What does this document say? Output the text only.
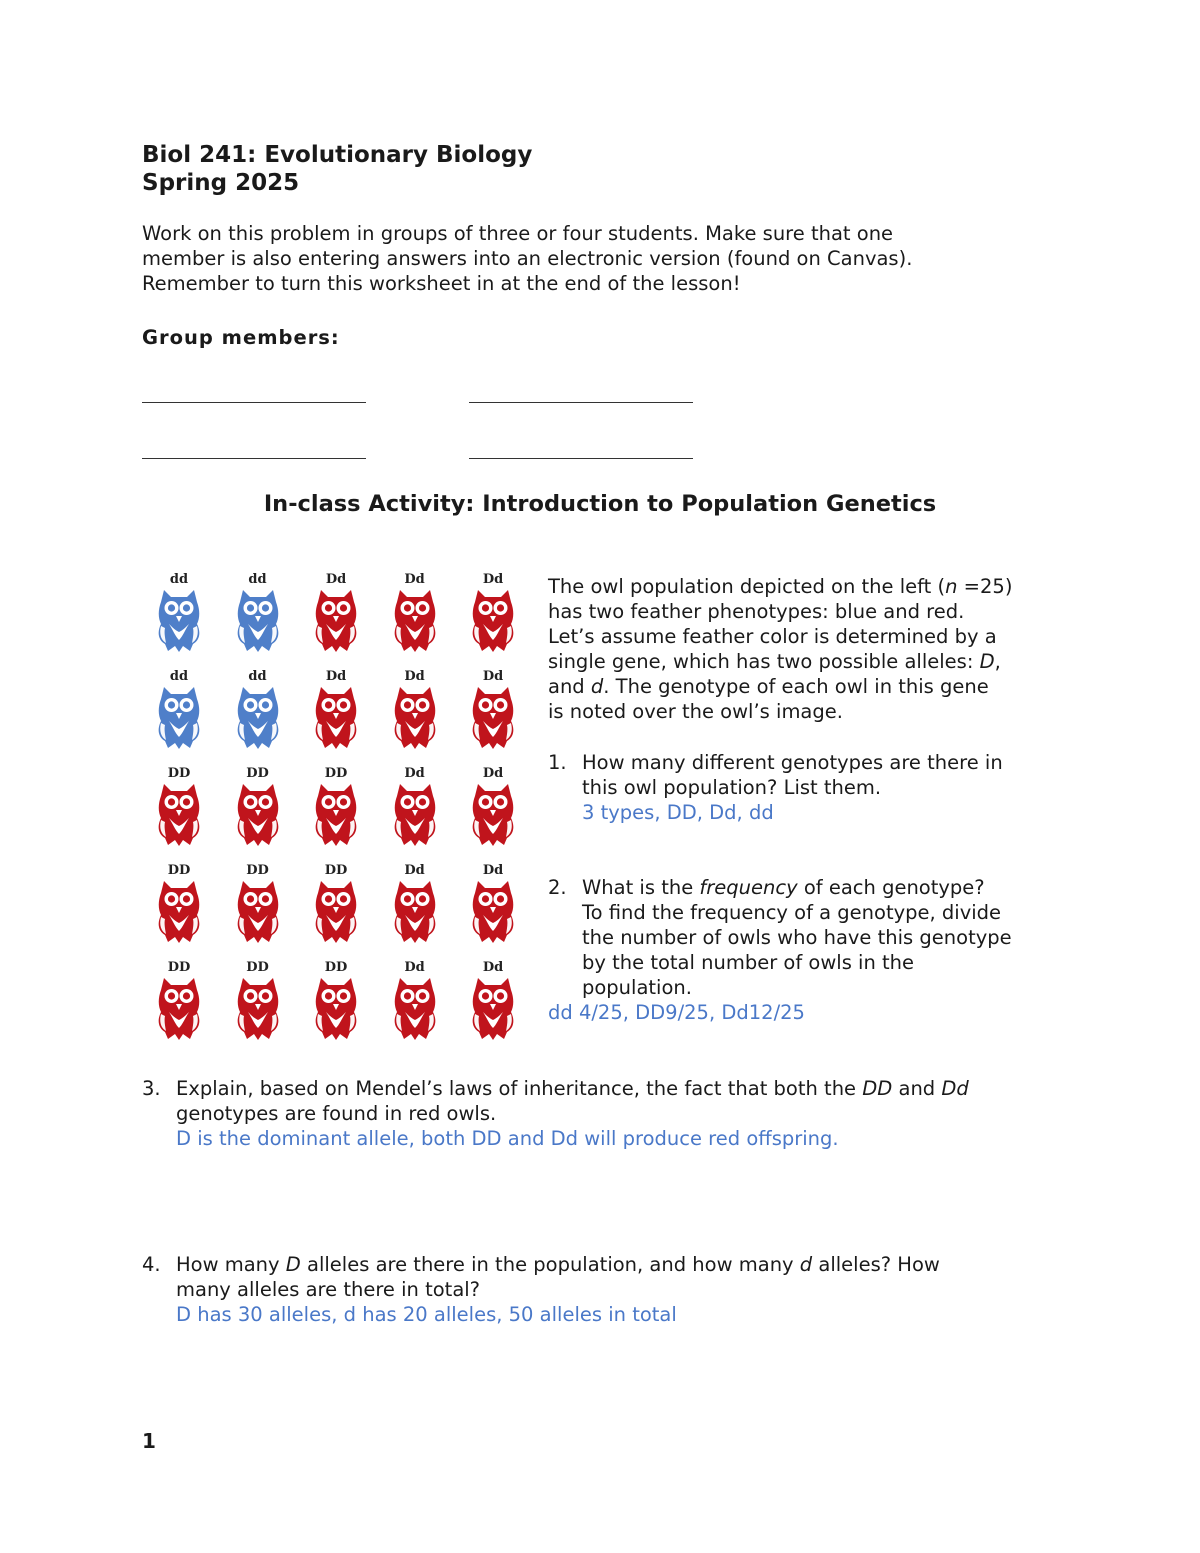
Biol 241: Evolutionary Biology
Spring 2025
Work on this problem in groups of three or four students. Make sure that one
member is also entering answers into an electronic version (found on Canvas).
Remember to turn this worksheet in at the end of the lesson!
Group members:
In-class Activity: Introduction to Population Genetics
dd	dd	Dd	Dd	Dd
dd	dd	Dd	Dd	Dd
DD	DD	DD	Dd	Dd
DD	DD	DD	Dd	Dd
DD	DD	DD	Dd	Dd
The owl population depicted on the left (n =25)
has two feather phenotypes: blue and red.
Let’s assume feather color is determined by a
single gene, which has two possible alleles: D,
and d. The genotype of each owl in this gene
is noted over the owl’s image.
1. How many different genotypes are there in
this owl population? List them.
3 types, DD, Dd, dd
2. What is the frequency of each genotype?
To find the frequency of a genotype, divide
the number of owls who have this genotype
by the total number of owls in the
population.
dd 4/25, DD9/25, Dd12/25
3. Explain, based on Mendel’s laws of inheritance, the fact that both the DD and Dd
genotypes are found in red owls.
D is the dominant allele, both DD and Dd will produce red offspring.
4. How many D alleles are there in the population, and how many d alleles? How
many alleles are there in total?
D has 30 alleles, d has 20 alleles, 50 alleles in total
1
